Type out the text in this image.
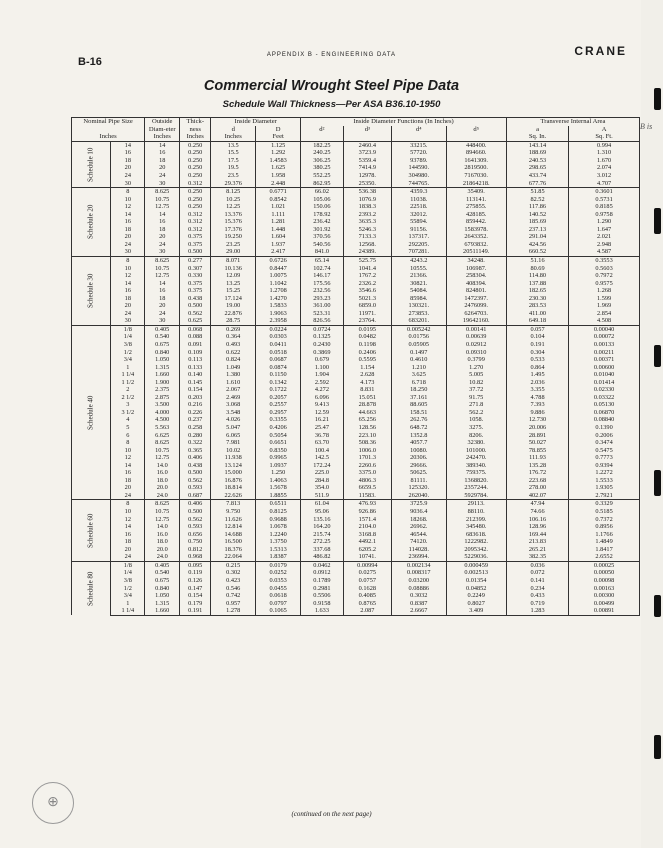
B-16
APPENDIX B - ENGINEERING DATA	CRANE
Commercial Wrought Steel Pipe Data
Schedule Wall Thickness—Per ASA B36.10-1950
B is
Nominal Pipe Size		Outside Diam-eter	Thick-ness	Inside Diameter		Inside Diameter Functions (In Inches)				Transverse Internal Area	
				d	D	d²	d³	d⁴	d⁵	a	A
Inches		Inches	Inches	Inches	Feet					Sq. In.	Sq. Ft.
Schedule 10	14	14	0.250	13.5	1.125	182.25	2460.4	33215.	448400.	143.14	0.994
	16	16	0.250	15.5	1.292	240.25	3723.9	57720.	894660.	188.69	1.310
	18	18	0.250	17.5	1.4583	306.25	5359.4	93789.	1641309.	240.53	1.670
	20	20	0.250	19.5	1.625	380.25	7414.9	144590.	2819500.	298.65	2.074
	24	24	0.250	23.5	1.958	552.25	12978.	304980.	7167030.	433.74	3.012
	30	30	0.312	29.376	2.448	862.95	25350.	744765.	21864218.	677.76	4.707
Schedule 20	8	8.625	0.250	8.125	0.6771	66.02	536.38	4359.3	35409.	51.85	0.3601
	10	10.75	0.250	10.25	0.8542	105.06	1076.9	11038.	113141.	82.52	0.5731
	12	12.75	0.250	12.25	1.021	150.06	1838.3	22518.	275855.	117.86	0.8185
	14	14	0.312	13.376	1.111	178.92	2393.2	32012.	428185.	140.52	0.9758
	16	16	0.312	15.376	1.281	236.42	3635.3	55894.	859442.	185.69	1.290
	18	18	0.312	17.376	1.448	301.92	5246.3	91156.	1583978.	237.13	1.647
	20	20	0.375	19.250	1.604	370.56	7133.3	137317.	2643352.	291.04	2.021
	24	24	0.375	23.25	1.937	540.56	12568.	292205.	6793832.	424.56	2.948
	30	30	0.500	29.00	2.417	841.0	24389.	707281.	20511149.	660.52	4.587
Schedule 30	8	8.625	0.277	8.071	0.6726	65.14	525.75	4243.2	34248.	51.16	0.3553
	10	10.75	0.307	10.136	0.8447	102.74	1041.4	10555.	106987.	80.69	0.5603
	12	12.75	0.330	12.09	1.0075	146.17	1767.2	21366.	258304.	114.80	0.7972
	14	14	0.375	13.25	1.1042	175.56	2326.2	30821.	408394.	137.88	0.9575
	16	16	0.375	15.25	1.2708	232.56	3546.6	54084.	824801.	182.65	1.268
	18	18	0.438	17.124	1.4270	293.23	5021.3	85984.	1472397.	230.30	1.599
	20	20	0.500	19.00	1.5833	361.00	6859.0	130321.	2476099.	283.53	1.969
	24	24	0.562	22.876	1.9063	523.31	11971.	273853.	6264703.	411.00	2.854
	30	30	0.625	28.75	2.3958	826.56	23764.	683201.	19642160.	649.18	4.508
Schedule 40	1/8	0.405	0.068	0.269	0.0224	0.0724	0.0195	0.005242	0.00141	0.057	0.00040
	1/4	0.540	0.088	0.364	0.0303	0.1325	0.0482	0.01756	0.00639	0.104	0.00072
	3/8	0.675	0.091	0.493	0.0411	0.2430	0.1198	0.05905	0.02912	0.191	0.00133
	1/2	0.840	0.109	0.622	0.0518	0.3869	0.2406	0.1497	0.09310	0.304	0.00211
	3/4	1.050	0.113	0.824	0.0687	0.679	0.5595	0.4610	0.3799	0.533	0.00371
	1	1.315	0.133	1.049	0.0874	1.100	1.154	1.210	1.270	0.864	0.00600
	1 1/4	1.660	0.140	1.380	0.1150	1.904	2.628	3.625	5.005	1.495	0.01040
	1 1/2	1.900	0.145	1.610	0.1342	2.592	4.173	6.718	10.82	2.036	0.01414
	2	2.375	0.154	2.067	0.1722	4.272	8.831	18.250	37.72	3.355	0.02330
	2 1/2	2.875	0.203	2.469	0.2057	6.096	15.051	37.161	91.75	4.788	0.03322
	3	3.500	0.216	3.068	0.2557	9.413	28.878	88.605	271.8	7.393	0.05130
	3 1/2	4.000	0.226	3.548	0.2957	12.59	44.663	158.51	562.2	9.886	0.06870
	4	4.500	0.237	4.026	0.3355	16.21	65.256	262.76	1058.	12.730	0.08840
	5	5.563	0.258	5.047	0.4206	25.47	128.56	648.72	3275.	20.006	0.1390
	6	6.625	0.280	6.065	0.5054	36.78	223.10	1352.8	8206.	28.891	0.2006
	8	8.625	0.322	7.981	0.6651	63.70	508.36	4057.7	32380.	50.027	0.3474
	10	10.75	0.365	10.02	0.8350	100.4	1006.0	10080.	101000.	78.855	0.5475
	12	12.75	0.406	11.938	0.9965	142.5	1701.3	20306.	242470.	111.93	0.7773
	14	14.0	0.438	13.124	1.0937	172.24	2260.6	29666.	389340.	135.28	0.9394
	16	16.0	0.500	15.000	1.250	225.0	3375.0	50625.	759375.	176.72	1.2272
	18	18.0	0.562	16.876	1.4063	284.8	4806.3	81111.	1368820.	223.68	1.5533
	20	20.0	0.593	18.814	1.5678	354.0	6659.5	125320.	2357244.	278.00	1.9305
	24	24.0	0.687	22.626	1.8855	511.9	11583.	262040.	5929784.	402.07	2.7921
Schedule 60	8	8.625	0.406	7.813	0.6511	61.04	476.93	3725.9	29113.	47.94	0.3329
	10	10.75	0.500	9.750	0.8125	95.06	926.86	9036.4	88110.	74.66	0.5185
	12	12.75	0.562	11.626	0.9688	135.16	1571.4	18268.	212399.	106.16	0.7372
	14	14.0	0.593	12.814	1.0678	164.20	2104.0	26962.	345480.	128.96	0.8956
	16	16.0	0.656	14.688	1.2240	215.74	3168.8	46544.	683618.	169.44	1.1766
	18	18.0	0.750	16.500	1.3750	272.25	4492.1	74120.	1222982.	213.83	1.4849
	20	20.0	0.812	18.376	1.5313	337.68	6205.2	114028.	2095342.	265.21	1.8417
	24	24.0	0.968	22.064	1.8387	486.82	10741.	236994.	5229036.	382.35	2.6552
Schedule 80	1/8	0.405	0.095	0.215	0.0179	0.0462	0.00994	0.002134	0.000459	0.036	0.00025
	1/4	0.540	0.119	0.302	0.0252	0.0912	0.0275	0.008317	0.002513	0.072	0.00050
	3/8	0.675	0.126	0.423	0.0353	0.1789	0.0757	0.03200	0.01354	0.141	0.00098
	1/2	0.840	0.147	0.546	0.0455	0.2981	0.1628	0.08886	0.04852	0.234	0.00163
	3/4	1.050	0.154	0.742	0.0618	0.5506	0.4085	0.3032	0.2249	0.433	0.00300
	1	1.315	0.179	0.957	0.0797	0.9158	0.8765	0.8387	0.8027	0.719	0.00499
	1 1/4	1.660	0.191	1.278	0.1065	1.633	2.087	2.6667	3.409	1.283	0.00891
(continued on the next page)
⊕
